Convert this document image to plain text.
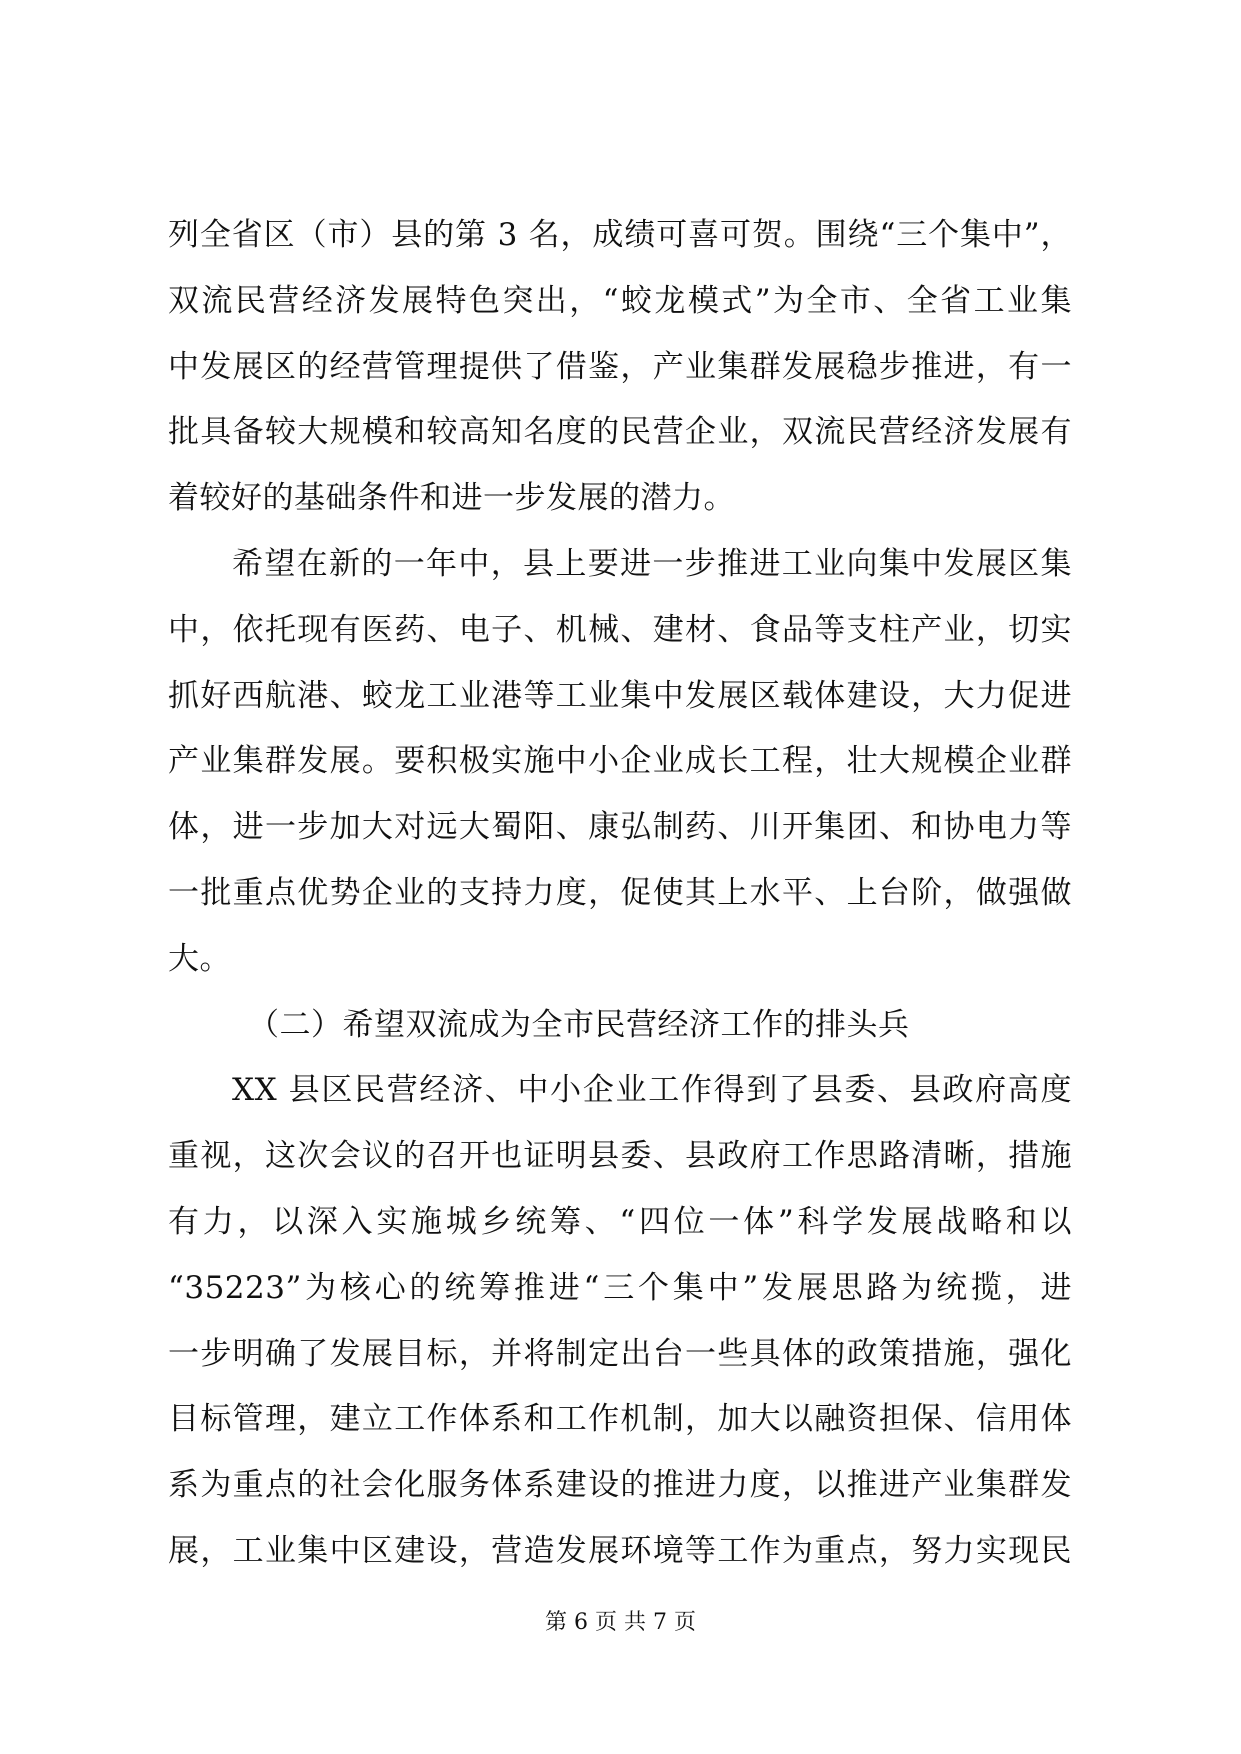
列全省区（市）县的第 3 名，成绩可喜可贺。围绕“三个集中”，
双流民营经济发展特色突出，“蛟龙模式”为全市、全省工业集
中发展区的经营管理提供了借鉴，产业集群发展稳步推进，有一
批具备较大规模和较高知名度的民营企业，双流民营经济发展有
着较好的基础条件和进一步发展的潜力。
希望在新的一年中，县上要进一步推进工业向集中发展区集
中，依托现有医药、电子、机械、建材、食品等支柱产业，切实
抓好西航港、蛟龙工业港等工业集中发展区载体建设，大力促进
产业集群发展。要积极实施中小企业成长工程，壮大规模企业群
体，进一步加大对远大蜀阳、康弘制药、川开集团、和协电力等
一批重点优势企业的支持力度，促使其上水平、上台阶，做强做
大。
（二）希望双流成为全市民营经济工作的排头兵
XX 县区民营经济、中小企业工作得到了县委、县政府高度
重视，这次会议的召开也证明县委、县政府工作思路清晰，措施
有力，以深入实施城乡统筹、“四位一体”科学发展战略和以
“35223”为核心的统筹推进“三个集中”发展思路为统揽，进
一步明确了发展目标，并将制定出台一些具体的政策措施，强化
目标管理，建立工作体系和工作机制，加大以融资担保、信用体
系为重点的社会化服务体系建设的推进力度，以推进产业集群发
展，工业集中区建设，营造发展环境等工作为重点，努力实现民
第 6 页 共 7 页
